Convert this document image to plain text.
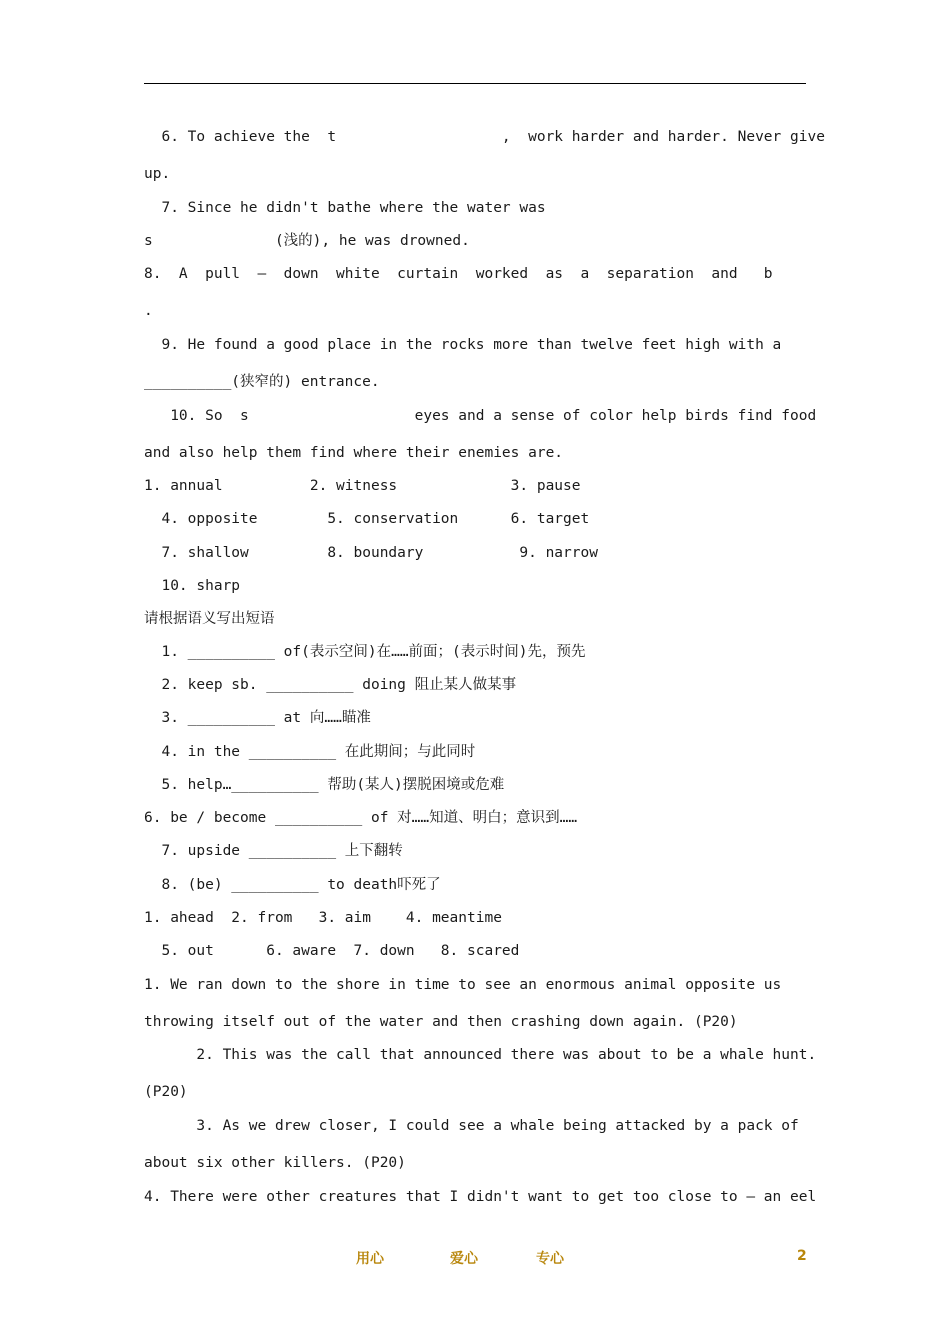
6. To achieve the  t                   ,  work harder and harder. Never give
up.
7. Since he didn't bathe where the water was
s              (浅的), he was drowned.
8.  A  pull  —  down  white  curtain  worked  as  a  separation  and   b
.
9. He found a good place in the rocks more than twelve feet high with a
__________(狭窄的) entrance.
10. So  s                   eyes and a sense of color help birds find food
and also help them find where their enemies are.
1. annual          2. witness             3. pause
4. opposite        5. conservation      6. target
7. shallow         8. boundary           9. narrow
10. sharp
请根据语义写出短语
1. __________ of(表示空间)在……前面；(表示时间)先，预先
2. keep sb. __________ doing 阻止某人做某事
3. __________ at 向……瞄准
4. in the __________ 在此期间；与此同时
5. help…__________ 帮助(某人)摆脱困境或危难
6. be / become __________ of 对……知道、明白；意识到……
7. upside __________ 上下翻转
8. (be) __________ to death吓死了
1. ahead  2. from   3. aim    4. meantime
5. out      6. aware  7. down   8. scared
1. We ran down to the shore in time to see an enormous animal opposite us
throwing itself out of the water and then crashing down again. (P20)
2. This was the call that announced there was about to be a whale hunt.
(P20)
3. As we drew closer, I could see a whale being attacked by a pack of
about six other killers. (P20)
4. There were other creatures that I didn't want to get too close to — an eel
用心	爱心	专心	2
